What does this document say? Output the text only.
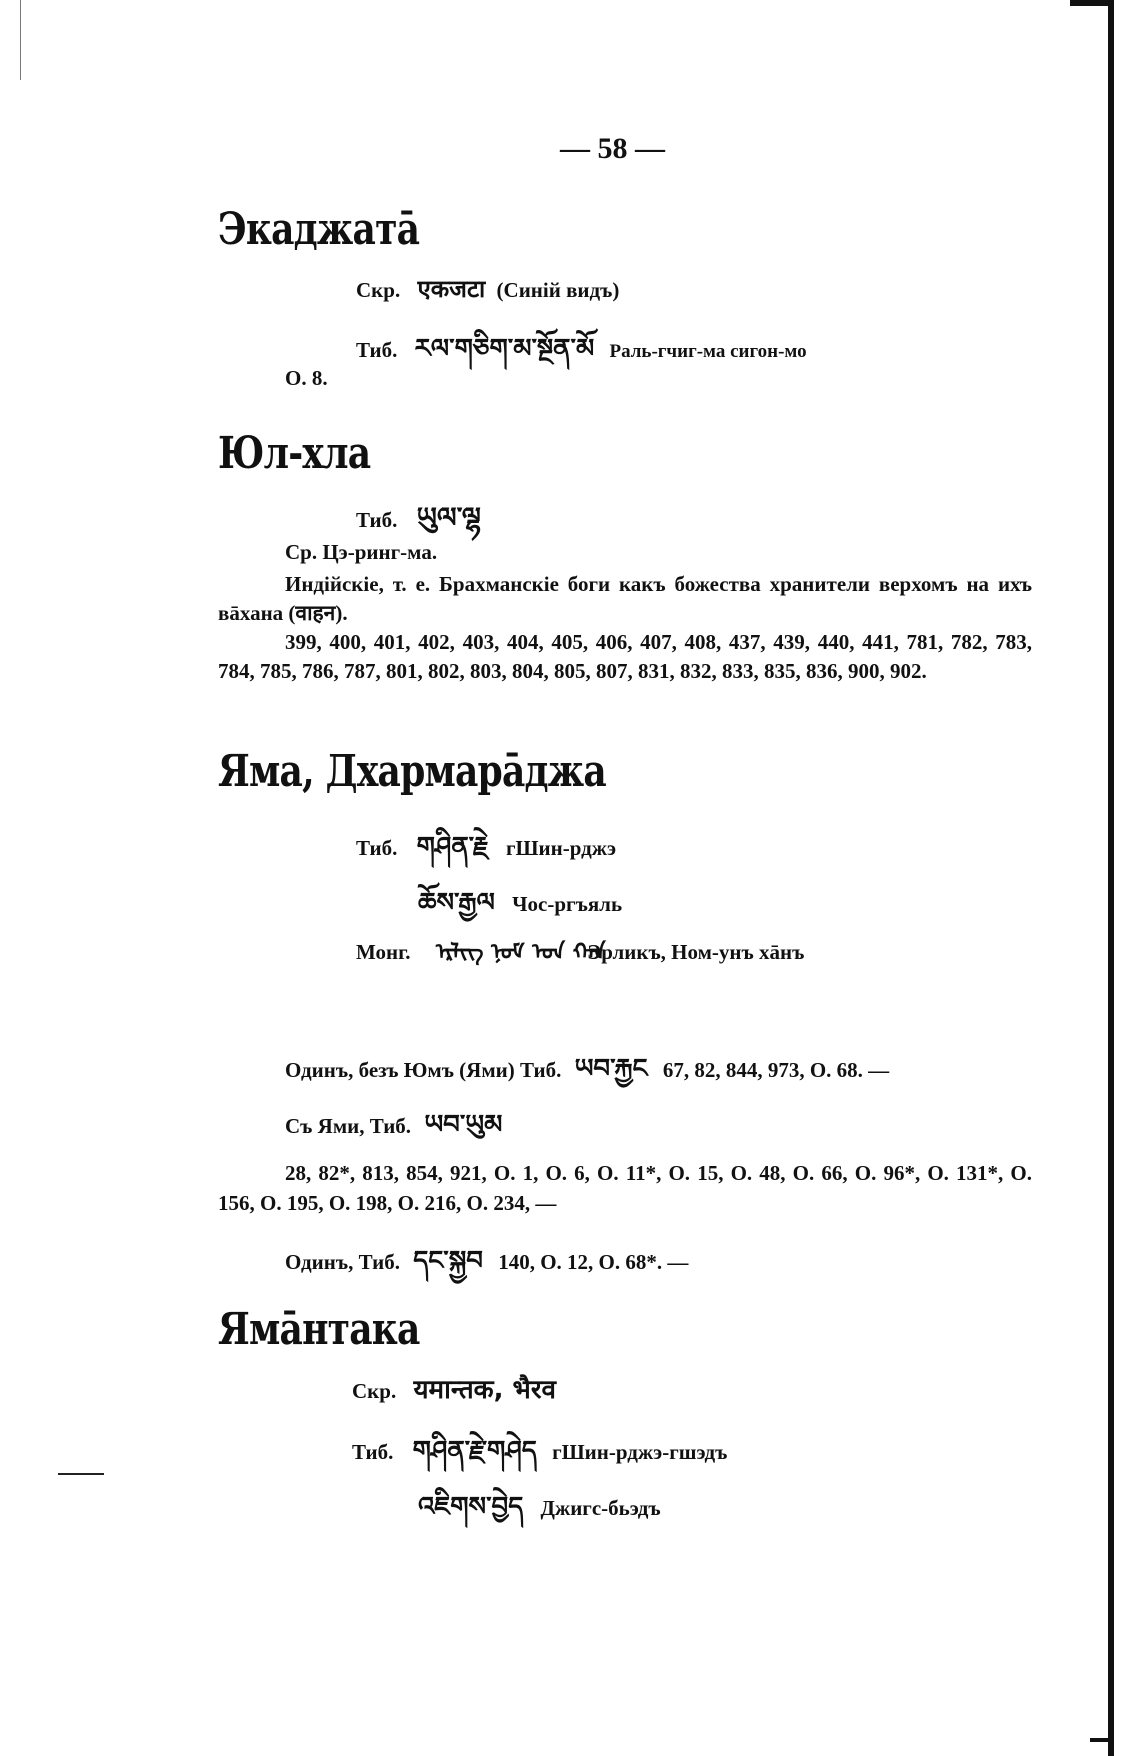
— 58 —
Экаджатā
Скр. एकजटा (Синiй видъ)
Тиб. རལ་གཅིག་མ་སྔོན་མོ Раль-гчиг-ма сигон-мо
O. 8.
Юл-хла
Тиб. ཡུལ་ལྷ
Ср. Цэ-ринг-ма.
Индiйскiе, т. е. Брахманскiе боги какъ божества хранители верхомъ на ихъ вāхана (वाहन).
399, 400, 401, 402, 403, 404, 405, 406, 407, 408, 437, 439, 440, 441, 781, 782, 783, 784, 785, 786, 787, 801, 802, 803, 804, 805, 807, 831, 832, 833, 835, 836, 900, 902.
Яма, Дхармарāджа
Тиб. གཤིན་རྗེ гШин-рджэ
ཆོས་རྒྱལ Чос-ргъяль
Монг. ᠡᠷᠯᠢᠭ ᠨᠣᠮ ᠤᠨ ᠬᠠᠨ Эрликъ, Ном-унъ хāнъ
Одинъ, безъ Юмъ (Ями) Тиб. ཡབ་རྐྱང 67, 82, 844, 973, O. 68. —
Съ Ями, Тиб. ཡབ་ཡུམ
28, 82*, 813, 854, 921, O. 1, O. 6, O. 11*, O. 15, O. 48, O. 66, O. 96*, O. 131*, O. 156, O. 195, O. 198, O. 216, O. 234, —
Одинъ, Тиб. དང་སྐྱབ 140, O. 12, O. 68*. —
Ямāнтака
Скр. यमान्तक, भैरव
Тиб. གཤིན་རྗེ་གཤེད гШин-рджэ-гшэдъ
འཇིགས་བྱེད Джигс-бьэдъ
